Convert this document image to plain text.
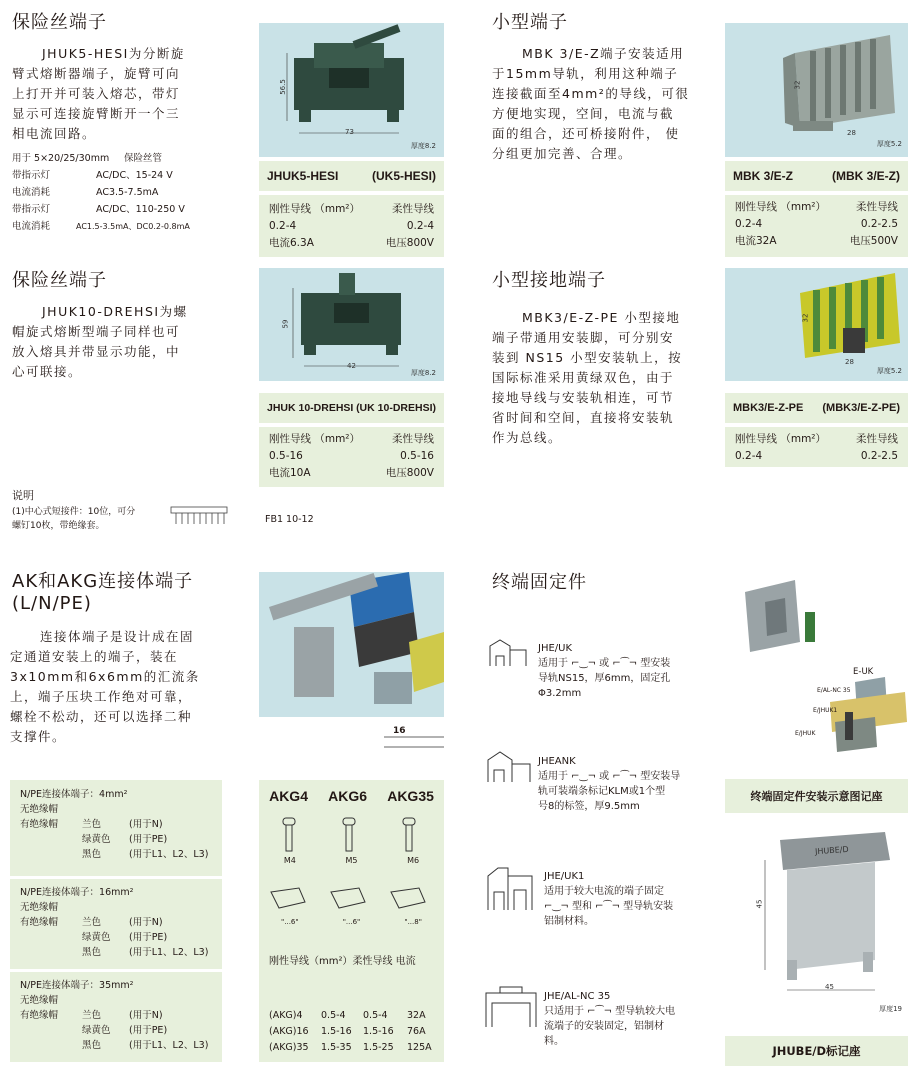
保险丝端子
JHUK5-HESI为分断旋
臂式熔断器端子，旋臂可向
上打开并可装入熔芯，带灯
显示可连接旋臂断开一个三
相电流回路。
用于 5×20/25/30mm	保险丝管
带指示灯	AC/DC、15-24 V
电流消耗	AC3.5-7.5mA
带指示灯	AC/DC、110-250 V
电流消耗	AC1.5-3.5mA、DC0.2-0.8mA
56.5
73
厚度8.2
JHUK5-HESI	(UK5-HESI)
刚性导线 （mm²）	柔性导线
0.2-4	0.2-4
电流6.3A	电压800V
小型端子
MBK 3/E-Z端子安装适用
于15mm导轨，利用这种端子
连接截面至4mm²的导线，可很
方便地实现，空间，电流与截
面的组合，还可桥接附件， 使
分组更加完善、合理。
32
28
厚度5.2
MBK 3/E-Z	(MBK 3/E-Z)
刚性导线 （mm²）	柔性导线
0.2-4	0.2-2.5
电流32A	电压500V
保险丝端子
JHUK10-DREHSI为螺
帽旋式熔断型端子同样也可
放入熔具并带显示功能，中
心可联接。
59
42
厚度8.2
JHUK 10-DREHSI (UK 10-DREHSI)
刚性导线 （mm²）	柔性导线
0.5-16	0.5-16
电流10A	电压800V
小型接地端子
MBK3/E-Z-PE 小型接地
端子带通用安装脚，可分别安
装到 NS15 小型安装轨上，按
国际标准采用黄绿双色，由于
接地导线与安装轨相连，可节
省时间和空间，直接将安装轨
作为总线。
32
28
厚度5.2
MBK3/E-Z-PE (MBK3/E-Z-PE)
刚性导线 （mm²）	柔性导线
0.2-4	0.2-2.5
说明
(1)中心式短接件：10位，可分
螺钉10枚，带绝缘套。
FB1 10-12
AK和AKG连接体端子
(L/N/PE)
连接体端子是设计成在固
定通道安装上的端子，装在
3x10mm和6x6mm的汇流条
上，端子压块工作绝对可靠，
螺栓不松动，还可以选择二种
支撑件。	16
N/PE连接体端子：4mm²
无绝缘帽
有绝缘帽	兰色	(用于N)
绿黄色	(用于PE)
黑色	(用于L1、L2、L3)
N/PE连接体端子：16mm²
无绝缘帽
有绝缘帽	兰色	(用于N)
绿黄色	(用于PE)
黑色	(用于L1、L2、L3)
N/PE连接体端子：35mm²
无绝缘帽
有绝缘帽	兰色	(用于N)
绿黄色	(用于PE)
黑色	(用于L1、L2、L3)
AKG4 AKG6 AKG35
M4	M5	M6
"...6"	"...6"	"...8"
刚性导线（mm²）柔性导线 电流
(AKG)4	0.5-4	0.5-4	32A
(AKG)16	1.5-16	1.5-16	76A
(AKG)35	1.5-35	1.5-25	125A
终端固定件
JHE/UK
适用于 ⌐‿¬ 或 ⌐⁀¬ 型安装
导轨NS15，厚6mm，固定孔
Φ3.2mm
JHEANK
适用于 ⌐‿¬ 或 ⌐⁀¬ 型安装导
轨可装端条标记KLM或1个型
号8的标签，厚9.5mm
JHE/UK1
适用于较大电流的端子固定
⌐‿¬ 型和 ⌐⁀¬ 型导轨安装
铝制材料。
JHE/AL-NC 35
只适用于 ⌐⁀¬ 型导轨较大电
流端子的安装固定，铝制材
料。
E-UK
E/AL-NC 35
E/JHUK1
E/JHUK
终端固定件安装示意图记座
JHUBE/D
45
45
厚度19
JHUBE/D标记座
